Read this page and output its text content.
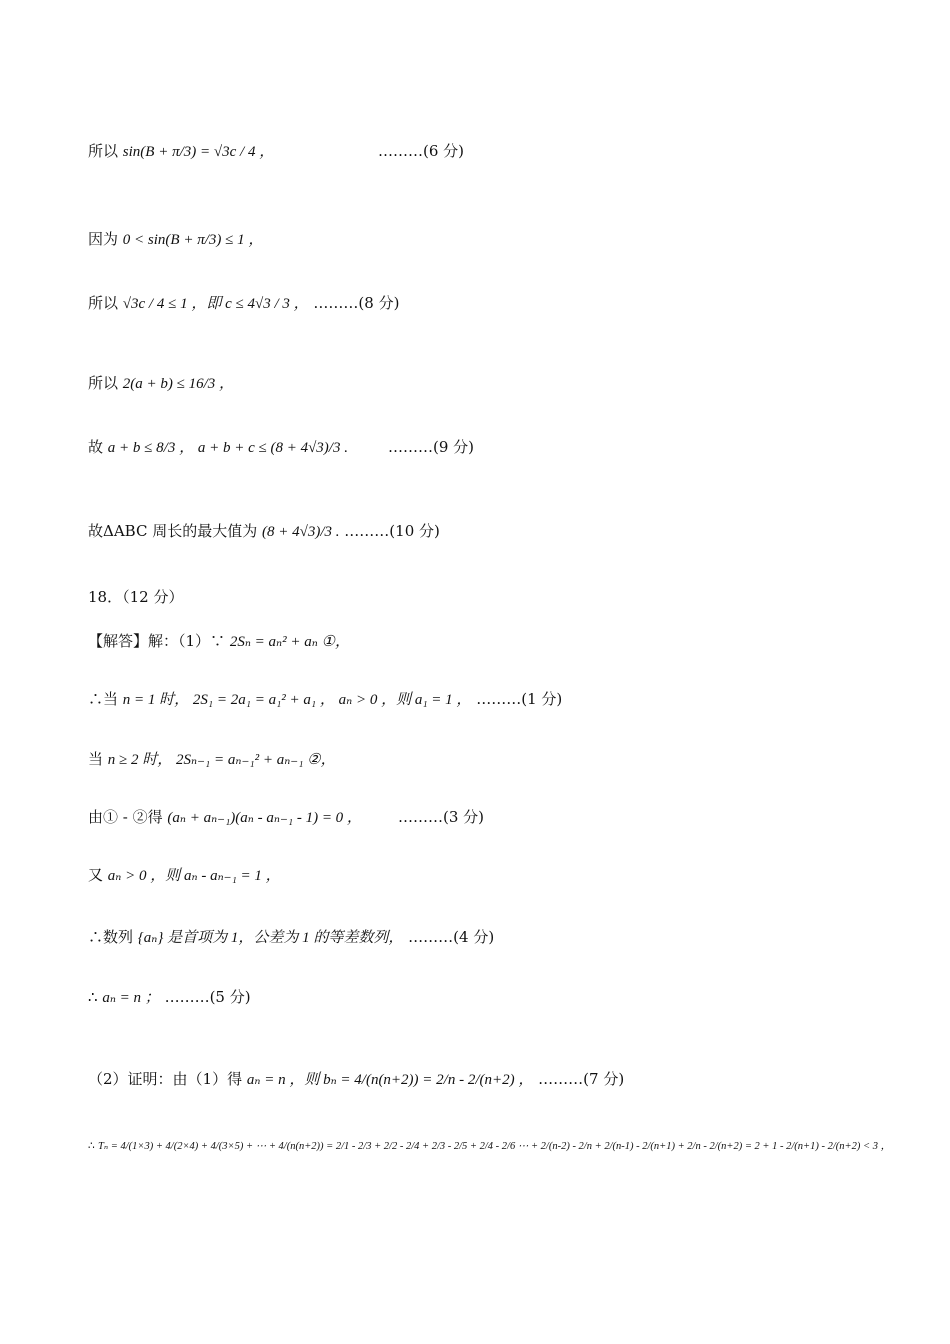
所以 sin(B + π/3) = √3c / 4 ，	………(6 分)
因为 0 < sin(B + π/3) ≤ 1 ，
所以 √3c / 4 ≤ 1 ，即 c ≤ 4√3 / 3 ， ………(8 分)
所以 2(a + b) ≤ 16/3 ，
故 a + b ≤ 8/3 ， a + b + c ≤ (8 + 4√3)/3 .	………(9 分)
故ΔABC 周长的最大值为 (8 + 4√3)/3 . ………(10 分)
18．（12 分）
【解答】解：（1）∵ 2Sₙ = aₙ² + aₙ ①，
∴当 n = 1 时， 2S₁ = 2a₁ = a₁² + a₁ ， aₙ > 0 ，则 a₁ = 1 ， ………(1 分)
当 n ≥ 2 时， 2Sₙ₋₁ = aₙ₋₁² + aₙ₋₁ ②，
由① - ②得 (aₙ + aₙ₋₁)(aₙ - aₙ₋₁ - 1) = 0 ， ………(3 分)
又 aₙ > 0 ，则 aₙ - aₙ₋₁ = 1 ，
∴数列 {aₙ} 是首项为 1，公差为 1 的等差数列， ………(4 分)
∴ aₙ = n ； ………(5 分)
（2）证明：由（1）得 aₙ = n ，则 bₙ = 4/(n(n+2)) = 2/n - 2/(n+2) ， ………(7 分)
∴ Tₙ = 4/(1×3) + 4/(2×4) + 4/(3×5) + ⋯ + 4/(n(n+2)) = 2/1 - 2/3 + 2/2 - 2/4 + 2/3 - 2/5 + 2/4 - 2/6 ⋯ + 2/(n-2) - 2/n + 2/(n-1) - 2/(n+1) + 2/n - 2/(n+2) = 2 + 1 - 2/(n+1) - 2/(n+2) < 3 ，
